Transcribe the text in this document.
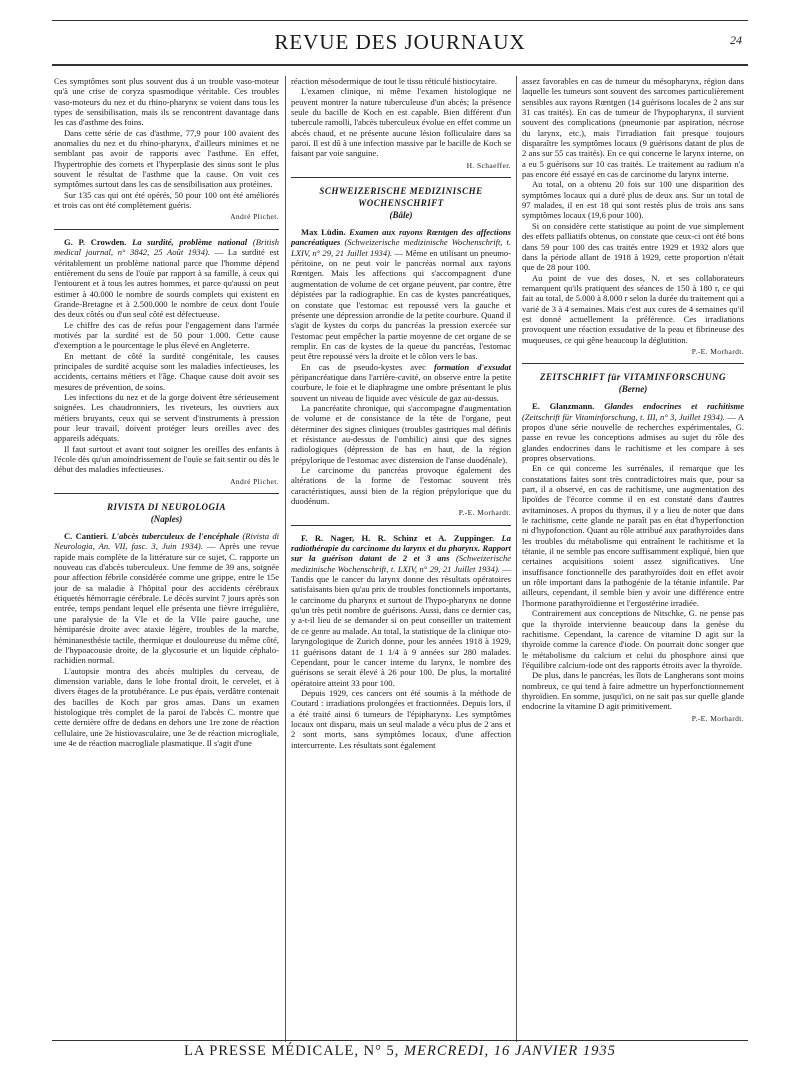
REVUE DES JOURNAUX	24

Ces symptômes sont plus souvent dus à un trouble vaso-moteur qu'à une crise de coryza spasmodique véritable. Ces troubles vaso-moteurs du nez et du rhino-pharynx se voient dans tous les types de sensibilisation, mais ils se rencontrent davantage dans les cas d'asthme des foins.

Dans cette série de cas d'asthme, 77,9 pour 100 avaient des anomalies du nez et du rhino-pharynx, d'ailleurs minimes et ne semblant pas avoir de rapports avec l'asthme. En effet, l'hypertrophie des cornets et l'hyperplasie des sinus sont le plus souvent le résultat de l'asthme que la cause. On voit ces symptômes surtout dans les cas de sensibilisation aux protéines.

Sur 135 cas qui ont été opérés, 50 pour 100 ont été améliorés et trois cas ont été complètement guéris.

André Plichet.

G. P. Crowden. La surdité, problème national (British medical journal, n° 3842, 25 Août 1934). — La surdité est véritablement un problème national parce que l'homme dépend entièrement du sens de l'ouïe par rapport à sa famille, à ceux qui l'entourent et à tous les autres hommes, et parce qu'aussi on peut estimer à 40.000 le nombre de sourds complets qui existent en Grande-Bretagne et à 2.500.000 le nombre de ceux dont l'ouïe des deux côtés ou d'un seul côté est défectueuse.

Le chiffre des cas de refus pour l'engagement dans l'armée motivés par la surdité est de 50 pour 1.000. Cette cause d'exemption a le pourcentage le plus élevé en Angleterre.

En mettant de côté la surdité congénitale, les causes principales de surdité acquise sont les maladies infectieuses, les accidents, certains métiers et l'âge. Chaque cause doit avoir ses mesures de prévention, de soins.

Les infections du nez et de la gorge doivent être sérieusement soignées. Les chaudronniers, les riveteurs, les ouvriers aux métiers bruyants, ceux qui se servent d'instruments à pression pour leur travail, doivent protéger leurs oreilles avec des appareils adéquats.

Il faut surtout et avant tout soigner les oreilles des enfants à l'école dès qu'un amoindrissement de l'ouïe se fait sentir ou dès le début des maladies infectieuses.

André Plichet.

RIVISTA DI NEUROLOGIA
(Naples)

C. Cantieri. L'abcès tuberculeux de l'encéphale (Rivista di Neurologia, An. VII, fasc. 3, Juin 1934). — Après une revue rapide mais complète de la littérature sur ce sujet, C. rapporte un nouveau cas d'abcès tuberculeux. Une femme de 39 ans, soignée pour affection fébrile considérée comme une grippe, entre le 15e jour de sa maladie à l'hôpital pour des accidents cérébraux étiquetés hémorragie cérébrale. Le décès survint 7 jours après son entrée, temps pendant lequel elle présenta une fièvre irrégulière, une paralysie de la VIe et de la VIIe paire gauche, une hémiparésie droite avec ataxie légère, troubles de la marche, héminanesthésie tactile, thermique et douloureuse du même côté, de l'hypoacousie droite, de la glycosurie et un liquide céphalo-rachidien normal.

L'autopsie montra des abcès multiples du cerveau, de dimension variable, dans le lobe frontal droit, le cervelet, et à divers étages de la protubérance. Le pus épais, verdâtre contenait des bacilles de Koch par gros amas. Dans un examen histologique très complet de la paroi de l'abcès C. montre que cette dernière offre de dedans en dehors une 1re zone de réaction cellulaire, une 2e histiovasculaire, une 3e de réaction microgliale, une 4e de réaction macrogliale plasmatique. Il s'agit d'une

réaction mésodermique de tout le tissu réticulé histiocytaire.

L'examen clinique, ni même l'examen histologique ne peuvent montrer la nature tuberculeuse d'un abcès; la présence seule du bacille de Koch en est capable. Bien différent d'un tubercule ramolli, l'abcès tuberculeux évolue en effet comme un abcès chaud, et ne présente aucune lésion folliculaire dans sa paroi. Il est dû à une infection massive par le bacille de Koch se faisant par voie sanguine.

H. Schaeffer.

SCHWEIZERISCHE MEDIZINISCHE WOCHENSCHRIFT
(Bâle)

Max Lüdin. Examen aux rayons Rœntgen des affections pancréatiques (Schweizerische medizinische Wochenschrift, t. LXIV, n° 29, 21 Juillet 1934). — Même en utilisant un pneumo-péritoine, on ne peut voir le pancréas normal aux rayons Rœntgen. Mais les affections qui s'accompagnent d'une augmentation de volume de cet organe peuvent, par contre, être dépistées par la radiographie. En cas de kystes pancréatiques, on constate que l'estomac est repoussé vers la gauche et présente une dépression arrondie de la petite courbure. Quand il s'agit de kystes du corps du pancréas la pression exercée sur l'estomac peut empêcher la partie moyenne de cet organe de se remplir. En cas de kystes de la queue du pancréas, l'estomac peut être repoussé vers la droite et le côlon vers le bas.

En cas de pseudo-kystes avec formation d'exsudat péripancréatique dans l'arrière-cavité, on observe entre la petite courbure, le foie et le diaphragme une ombre présentant le plus souvent un niveau de liquide avec vésicule de gaz au-dessus.

La pancréatite chronique, qui s'accompagne d'augmentation de volume et de consistance de la tête de l'organe, peut déterminer des signes cliniques (troubles gastriques mal définis et résistance au-dessus de l'ombilic) ainsi que des signes radiologiques (dépression de bas en haut, de la région prépylorique de l'estomac avec distension de l'anse duodénale).

Le carcinome du pancréas provoque également des altérations de la forme de l'estomac souvent très caractéristiques, aussi bien de la région prépylorique que du duodénum.

P.-E. Morhardt.

F. R. Nager, H. R. Schinz et A. Zuppinger. La radiothérapie du carcinome du larynx et du pharynx. Rapport sur la guérison datant de 2 et 3 ans (Schweizerische medizinische Wochenschrift, t. LXIV, n° 29, 21 Juillet 1934). — Tandis que le cancer du larynx donne des résultats opératoires satisfaisants bien qu'au prix de troubles fonctionnels importants, le carcinome du pharynx et surtout de l'hypo-pharynx ne donne qu'un très petit nombre de guérisons. Aussi, dans ce dernier cas, y a-t-il lieu de se demander si on peut conseiller un traitement de ce genre au malade. Au total, la statistique de la clinique oto-laryngologique de Zurich donne, pour les années 1918 à 1929, 11 guérisons datant de 1 1/4 à 9 années sur 280 malades. Cependant, pour le cancer interne du larynx, le nombre des guérisons se serait élevé à 26 pour 100. De plus, la mortalité opératoire atteint 33 pour 100.

Depuis 1929, ces cancers ont été soumis à la méthode de Coutard : irradiations prolongées et fractionnées. Depuis lors, il a été traité ainsi 6 tumeurs de l'épipharynx. Les symptômes locaux ont disparu, mais un seul malade a vécu plus de 2 ans et 2 sont morts, sans symptômes locaux, d'une affection intercurrente. Les résultats sont également

assez favorables en cas de tumeur du mésopharynx, région dans laquelle les tumeurs sont souvent des sarcomes particulièrement sensibles aux rayons Rœntgen (14 guérisons locales de 2 ans sur 31 cas traités). En cas de tumeur de l'hypopharynx, il survient souvent des complications (pneumonie par aspiration, nécrose du larynx, etc.), mais l'irradiation fait presque toujours disparaître les symptômes locaux (9 guérisons datant de plus de 2 ans sur 55 cas traités). En ce qui concerne le larynx interne, on a eu 5 guérisons sur 10 cas traités. Le traitement au radium n'a pas encore été essayé en cas de carcinome du larynx interne.

Au total, on a obtenu 20 fois sur 100 une disparition des symptômes locaux qui a duré plus de deux ans. Sur un total de 97 malades, il en est 18 qui sont restés plus de trois ans sans symptômes locaux (19,6 pour 100).

Si on considère cette statistique au point de vue simplement des effets palliatifs obtenus, on constate que ceux-ci ont été bons dans 59 pour 100 des cas traités entre 1929 et 1932 alors que dans la période allant de 1918 à 1929, cette proportion n'était que de 28 pour 100.

Au point de vue des doses, N. et ses collaborateurs remarquent qu'ils pratiquent des séances de 150 à 180 r, ce qui fait au total, de 5.000 à 8.000 r selon la durée du traitement qui a varié de 3 à 4 semaines. Mais c'est aux cures de 4 semaines qu'il est donné actuellement la préférence. Ces irradiations provoquent une réaction exsudative de la peau et fibrineuse des muqueuses, ce qui gêne beaucoup la déglutition.

P.-E. Morhardt.

ZEITSCHRIFT für VITAMINFORSCHUNG
(Berne)

E. Glanzmann. Glandes endocrines et rachitisme (Zeitschrift für Vitaminforschung, t. III, n° 3, Juillet 1934). — A propos d'une série nouvelle de recherches expérimentales, G. passe en revue les conceptions admises au sujet du rôle des glandes endocrines dans le rachitisme et les compare à ses propres observations.

En ce qui concerne les surrénales, il remarque que les constatations faites sont très contradictoires mais que, pour sa part, il a observé, en cas de rachitisme, une augmentation des lipoïdes de l'écorce comme il en est constaté dans d'autres avitaminoses. A propos du thymus, il y a lieu de noter que dans le rachitisme, cette glande ne paraît pas en état d'hyperfonction ni d'hypofonction. Quant au rôle attribué aux parathyroïdes dans les troubles du métabolisme qui entraînent le rachitisme et la tétanie, il ne semble pas encore suffisamment expliqué, bien que certaines acquisitions soient assez significatives. Une insuffisance fonctionnelle des parathyroïdes doit en effet avoir un rôle important dans la pathogénie de la tétanie infantile. Par ailleurs, cependant, il semble bien y avoir une différence entre l'hormone parathyroïdienne et l'ergostérine irradiée.

Contrairement aux conceptions de Nitschke, G. ne pense pas que la thyroïde intervienne beaucoup dans la genèse du rachitisme. Cependant, la carence de vitamine D agit sur la thyroïde comme la carence d'iode. On pourrait donc songer que le métabolisme du calcium et celui du phosphore ainsi que l'équilibre calcium-iode ont des rapports étroits avec la thyroïde.

De plus, dans le pancréas, les îlots de Langherans sont moins nombreux, ce qui tend à faire admettre un hyperfonctionnement thyroïdien. En somme, jusqu'ici, on ne sait pas sur quelle glande endocrine la vitamine D agit primitivement.

P.-E. Morhardt.

LA PRESSE MÉDICALE, N° 5, MERCREDI, 16 JANVIER 1935
